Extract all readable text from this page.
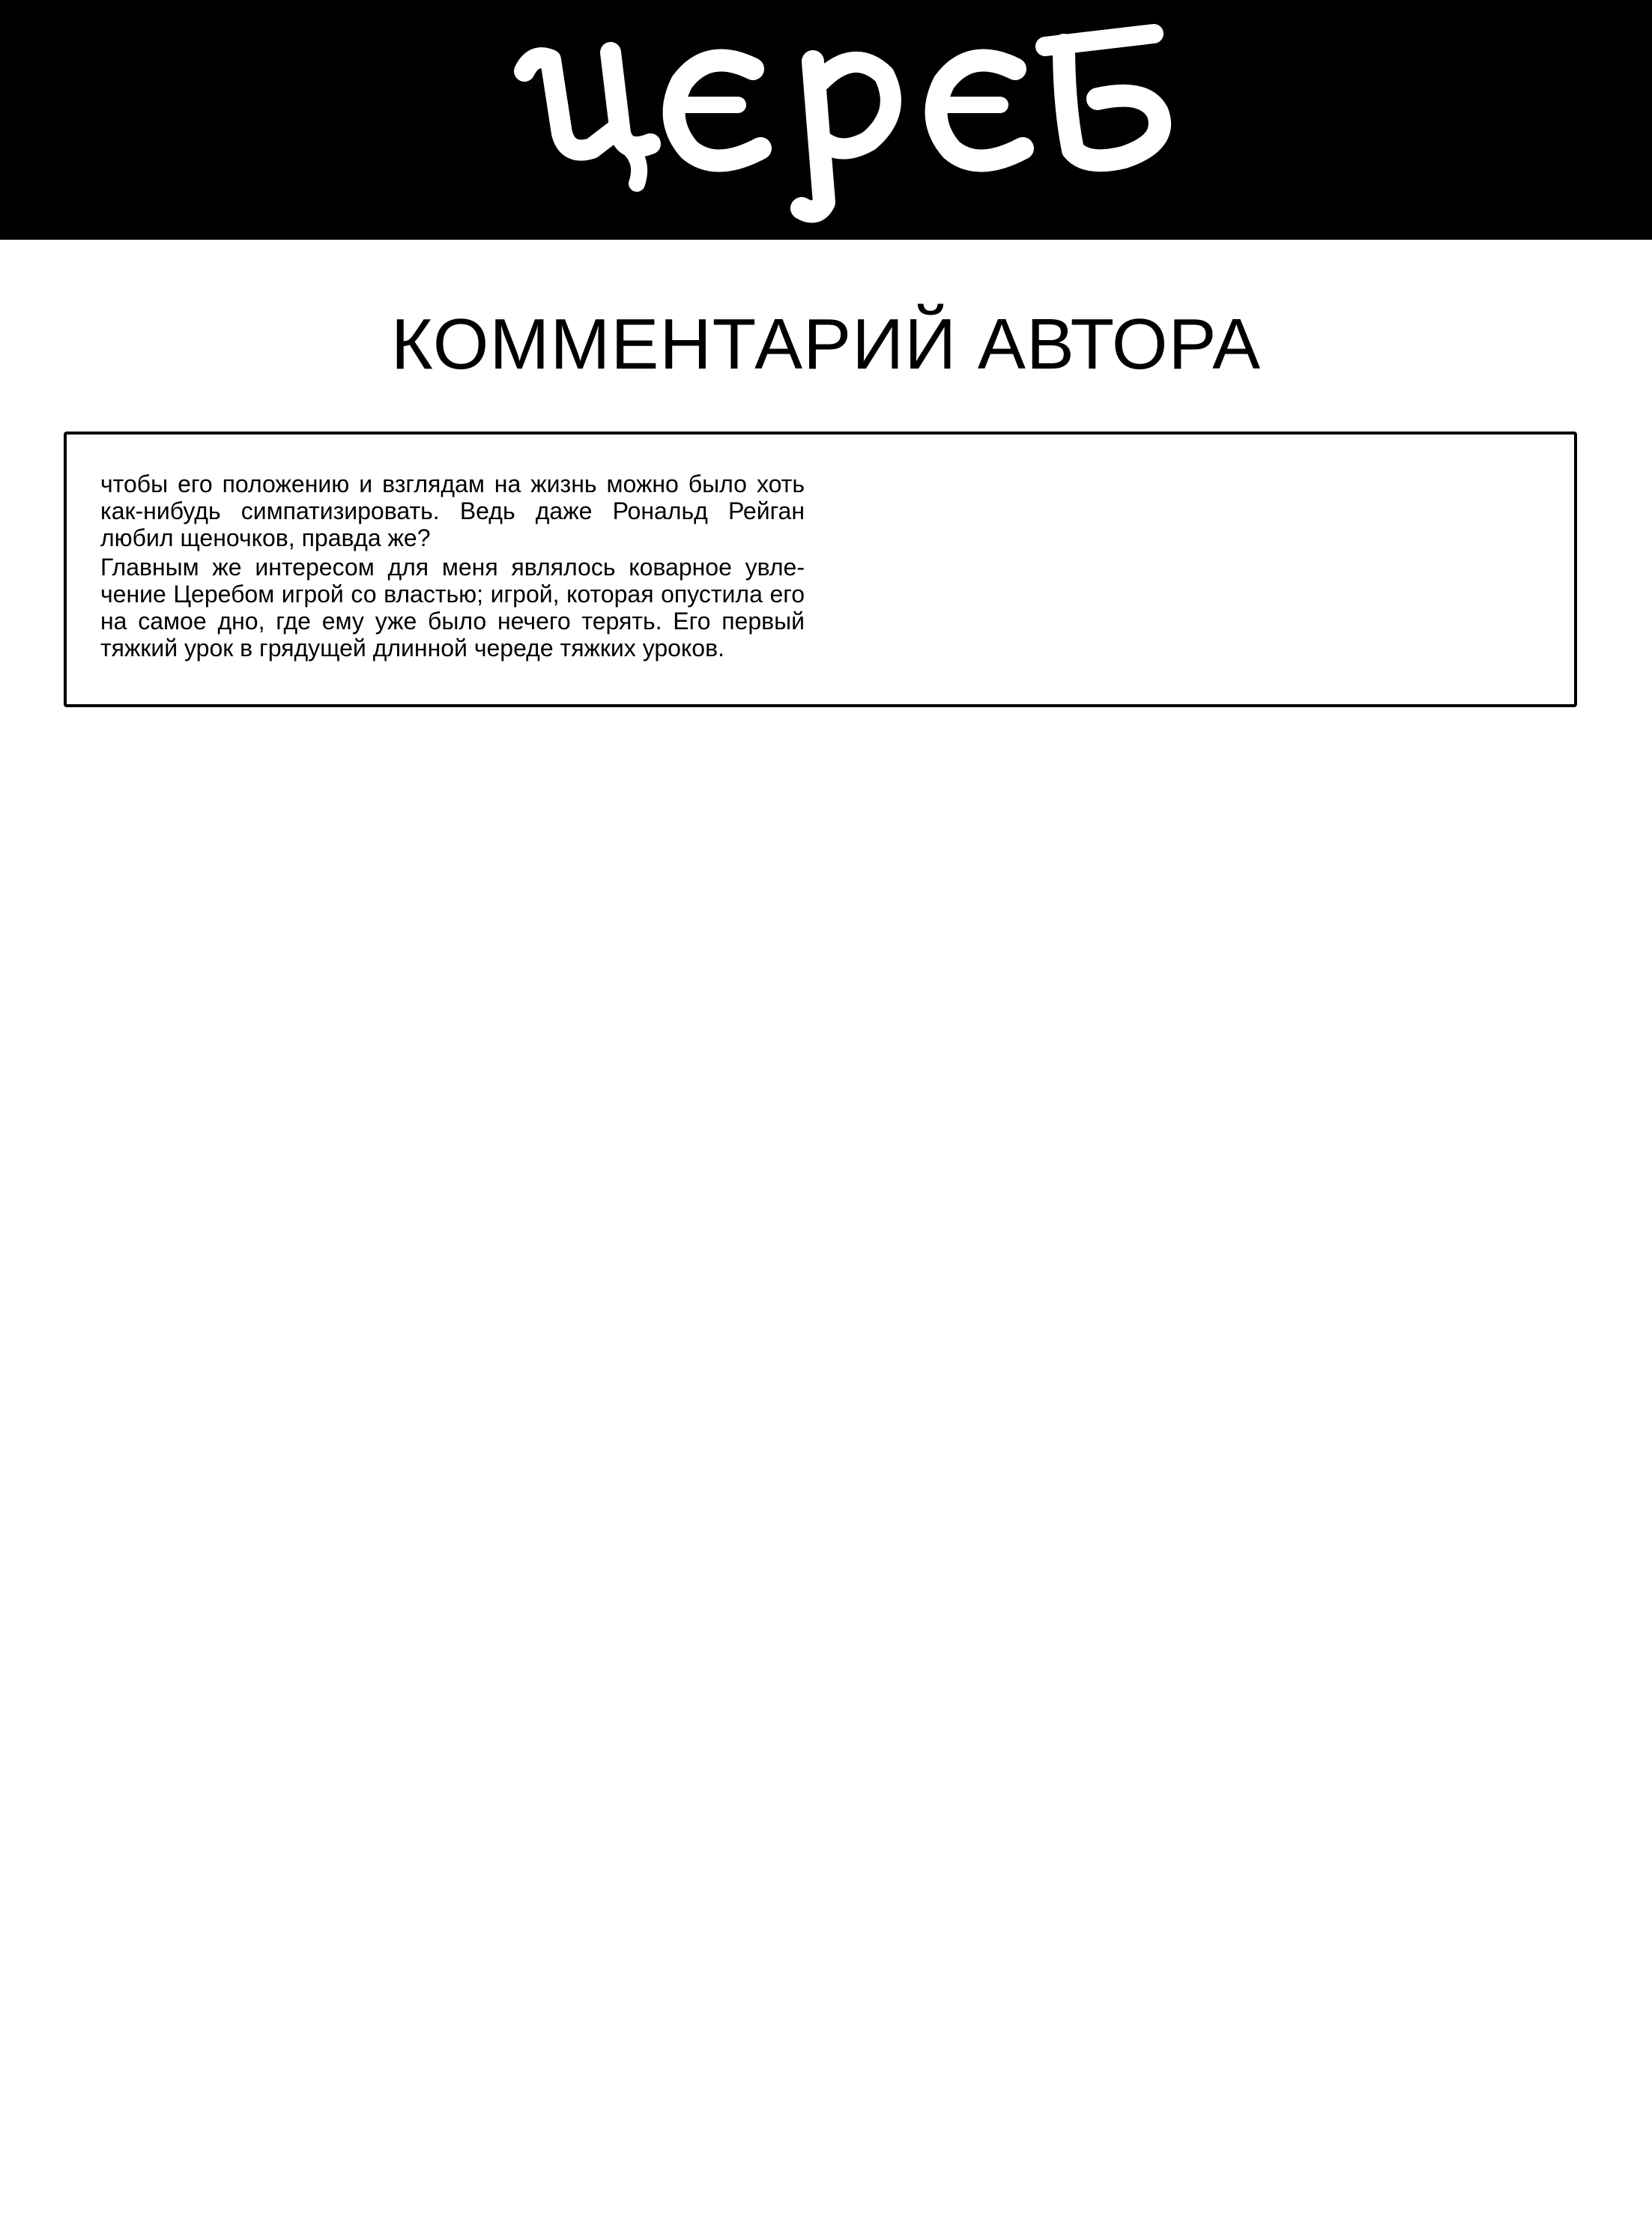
КОММЕНТАРИЙ АВТОРА

чтобы его положению и взглядам на жизнь можно было хоть как-нибудь симпатизировать. Ведь даже Рональд Рейган любил щеночков, правда же?

Главным же интересом для меня являлось коварное увле-чение Церебом игрой со властью; игрой, которая опустила его на самое дно, где ему уже было нечего терять. Его первый тяжкий урок в грядущей длинной череде тяжких уроков.
